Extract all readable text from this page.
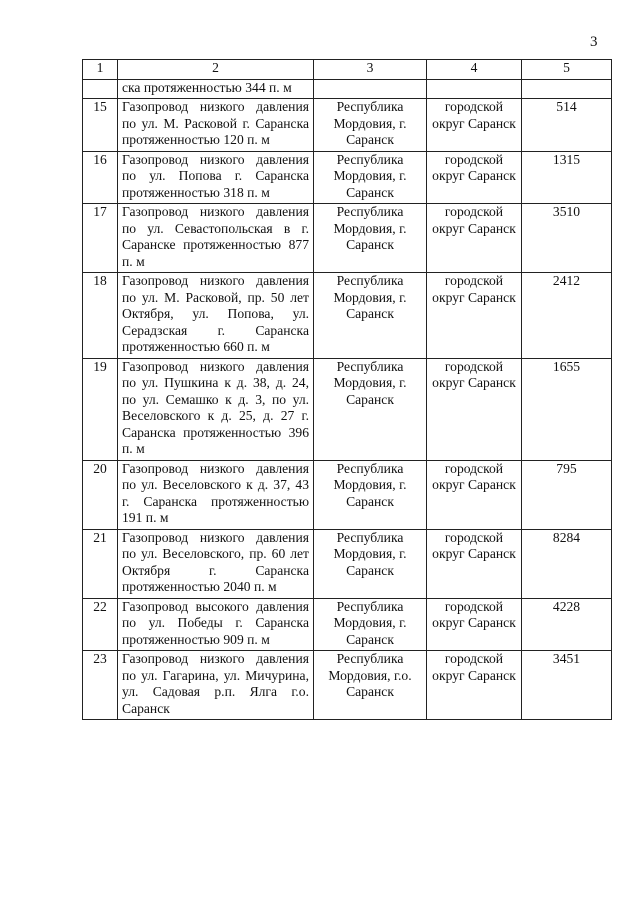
3
1	2	3	4	5
	ска протяженностью 344 п. м			
15	Газопровод низкого давления по ул. М. Расковой г. Саранска протяженностью 120 п. м	Республика Мордовия, г. Саранск	городской округ Саранск	514
16	Газопровод низкого давления по ул. Попова г. Саранска протяженностью 318 п. м	Республика Мордовия, г. Саранск	городской округ Саранск	1315
17	Газопровод низкого давления по ул. Севастопольская в г. Саранске протяженностью 877 п. м	Республика Мордовия, г. Саранск	городской округ Саранск	3510
18	Газопровод низкого давления по ул. М. Расковой, пр. 50 лет Октября, ул. Попова, ул. Серадзская г. Саранска протяженностью 660 п. м	Республика Мордовия, г. Саранск	городской округ Саранск	2412
19	Газопровод низкого давления по ул. Пушкина к д. 38, д. 24, по ул. Семашко к д. 3, по ул. Веселовского к д. 25, д. 27 г. Саранска протяженностью 396 п. м	Республика Мордовия, г. Саранск	городской округ Саранск	1655
20	Газопровод низкого давления по ул. Веселовского к д. 37, 43 г. Саранска протяженностью 191 п. м	Республика Мордовия, г. Саранск	городской округ Саранск	795
21	Газопровод низкого давления по ул. Веселовского, пр. 60 лет Октября г. Саранска протяженностью 2040 п. м	Республика Мордовия, г. Саранск	городской округ Саранск	8284
22	Газопровод высокого давления по ул. Победы г. Саранска протяженностью 909 п. м	Республика Мордовия, г. Саранск	городской округ Саранск	4228
23	Газопровод низкого давления по ул. Гагарина, ул. Мичурина, ул. Садовая р.п. Ялга г.о. Саранск	Республика Мордовия, г.о. Саранск	городской округ Саранск	3451
